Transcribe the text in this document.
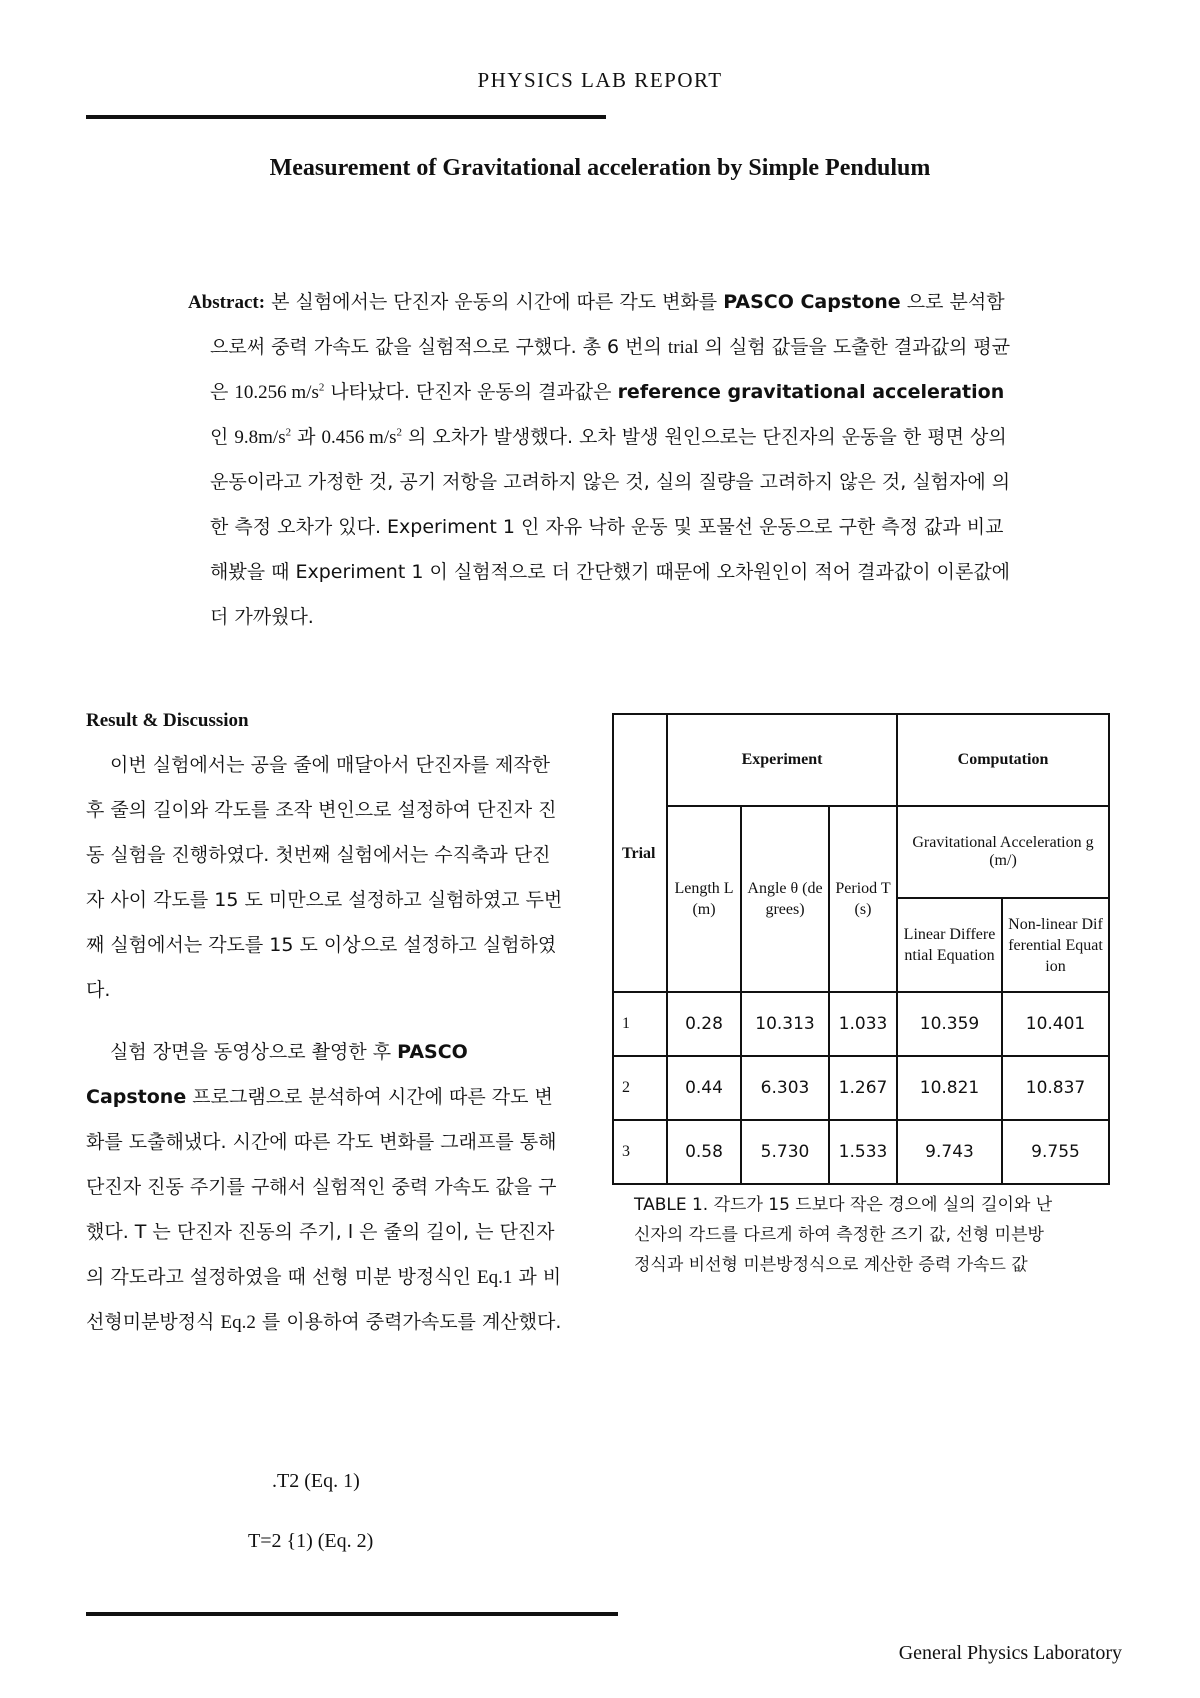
PHYSICS LAB REPORT
Measurement of Gravitational acceleration by Simple Pendulum
Abstract: 본 실험에서는 단진자 운동의 시간에 따른 각도 변화를 PASCO Capstone 으로 분석함으로써 중력 가속도 값을 실험적으로 구했다. 총 6 번의 trial 의 실험 값들을 도출한 결과값의 평균은 10.256 $m/s^2$ 나타났다. 단진자 운동의 결과값은 reference gravitational acceleration 인 $9.8m/s^2$ 과 0.456 $m/s^2$ 의 오차가 발생했다. 오차 발생 원인으로는 단진자의 운동을 한 평면 상의 운동이라고 가정한 것, 공기 저항을 고려하지 않은 것, 실의 질량을 고려하지 않은 것, 실험자에 의한 측정 오차가 있다. Experiment 1 인 자유 낙하 운동 및 포물선 운동으로 구한 측정 값과 비교해봤을 때 Experiment 1 이 실험적으로 더 간단했기 때문에 오차원인이 적어 결과값이 이론값에 더 가까웠다.
Result & Discussion
이번 실험에서는 공을 줄에 매달아서 단진자를 제작한 후 줄의 길이와 각도를 조작 변인으로 설정하여 단진자 진동 실험을 진행하였다. 첫번째 실험에서는 수직축과 단진자 사이 각도를 15 도 미만으로 설정하고 실험하였고 두번째 실험에서는 각도를 15 도 이상으로 설정하고 실험하였다.
실험 장면을 동영상으로 촬영한 후 PASCO Capstone 프로그램으로 분석하여 시간에 따른 각도 변화를 도출해냈다. 시간에 따른 각도 변화를 그래프를 통해 단진자 진동 주기를 구해서 실험적인 중력 가속도 값을 구했다. T 는 단진자 진동의 주기, l 은 줄의 길이, 는 단진자의 각도라고 설정하였을 때 선형 미분 방정식인 Eq.1 과 비선형미분방정식 Eq.2 를 이용하여 중력가속도를 계산했다.
.T2 (Eq. 1)
T=2 {1) (Eq. 2)
Trial	Experiment			Computation	
	Length L (m)	Angle θ (degrees)	Period T (s)	Gravitational Acceleration g (m/)	
				Linear Differential Equation	Non-linear Differential Equation
1	0.28	10.313	1.033	10.359	10.401
2	0.44	6.303	1.267	10.821	10.837
3	0.58	5.730	1.533	9.743	9.755
TABLE 1. 각드가 15 드보다 작은 경으에 실의 길이와 난신자의 각드를 다르게 하여 측정한 즈기 값, 선형 미븐방정식과 비선형 미븐방정식으로 계산한 증력 가속드 값
General Physics Laboratory
